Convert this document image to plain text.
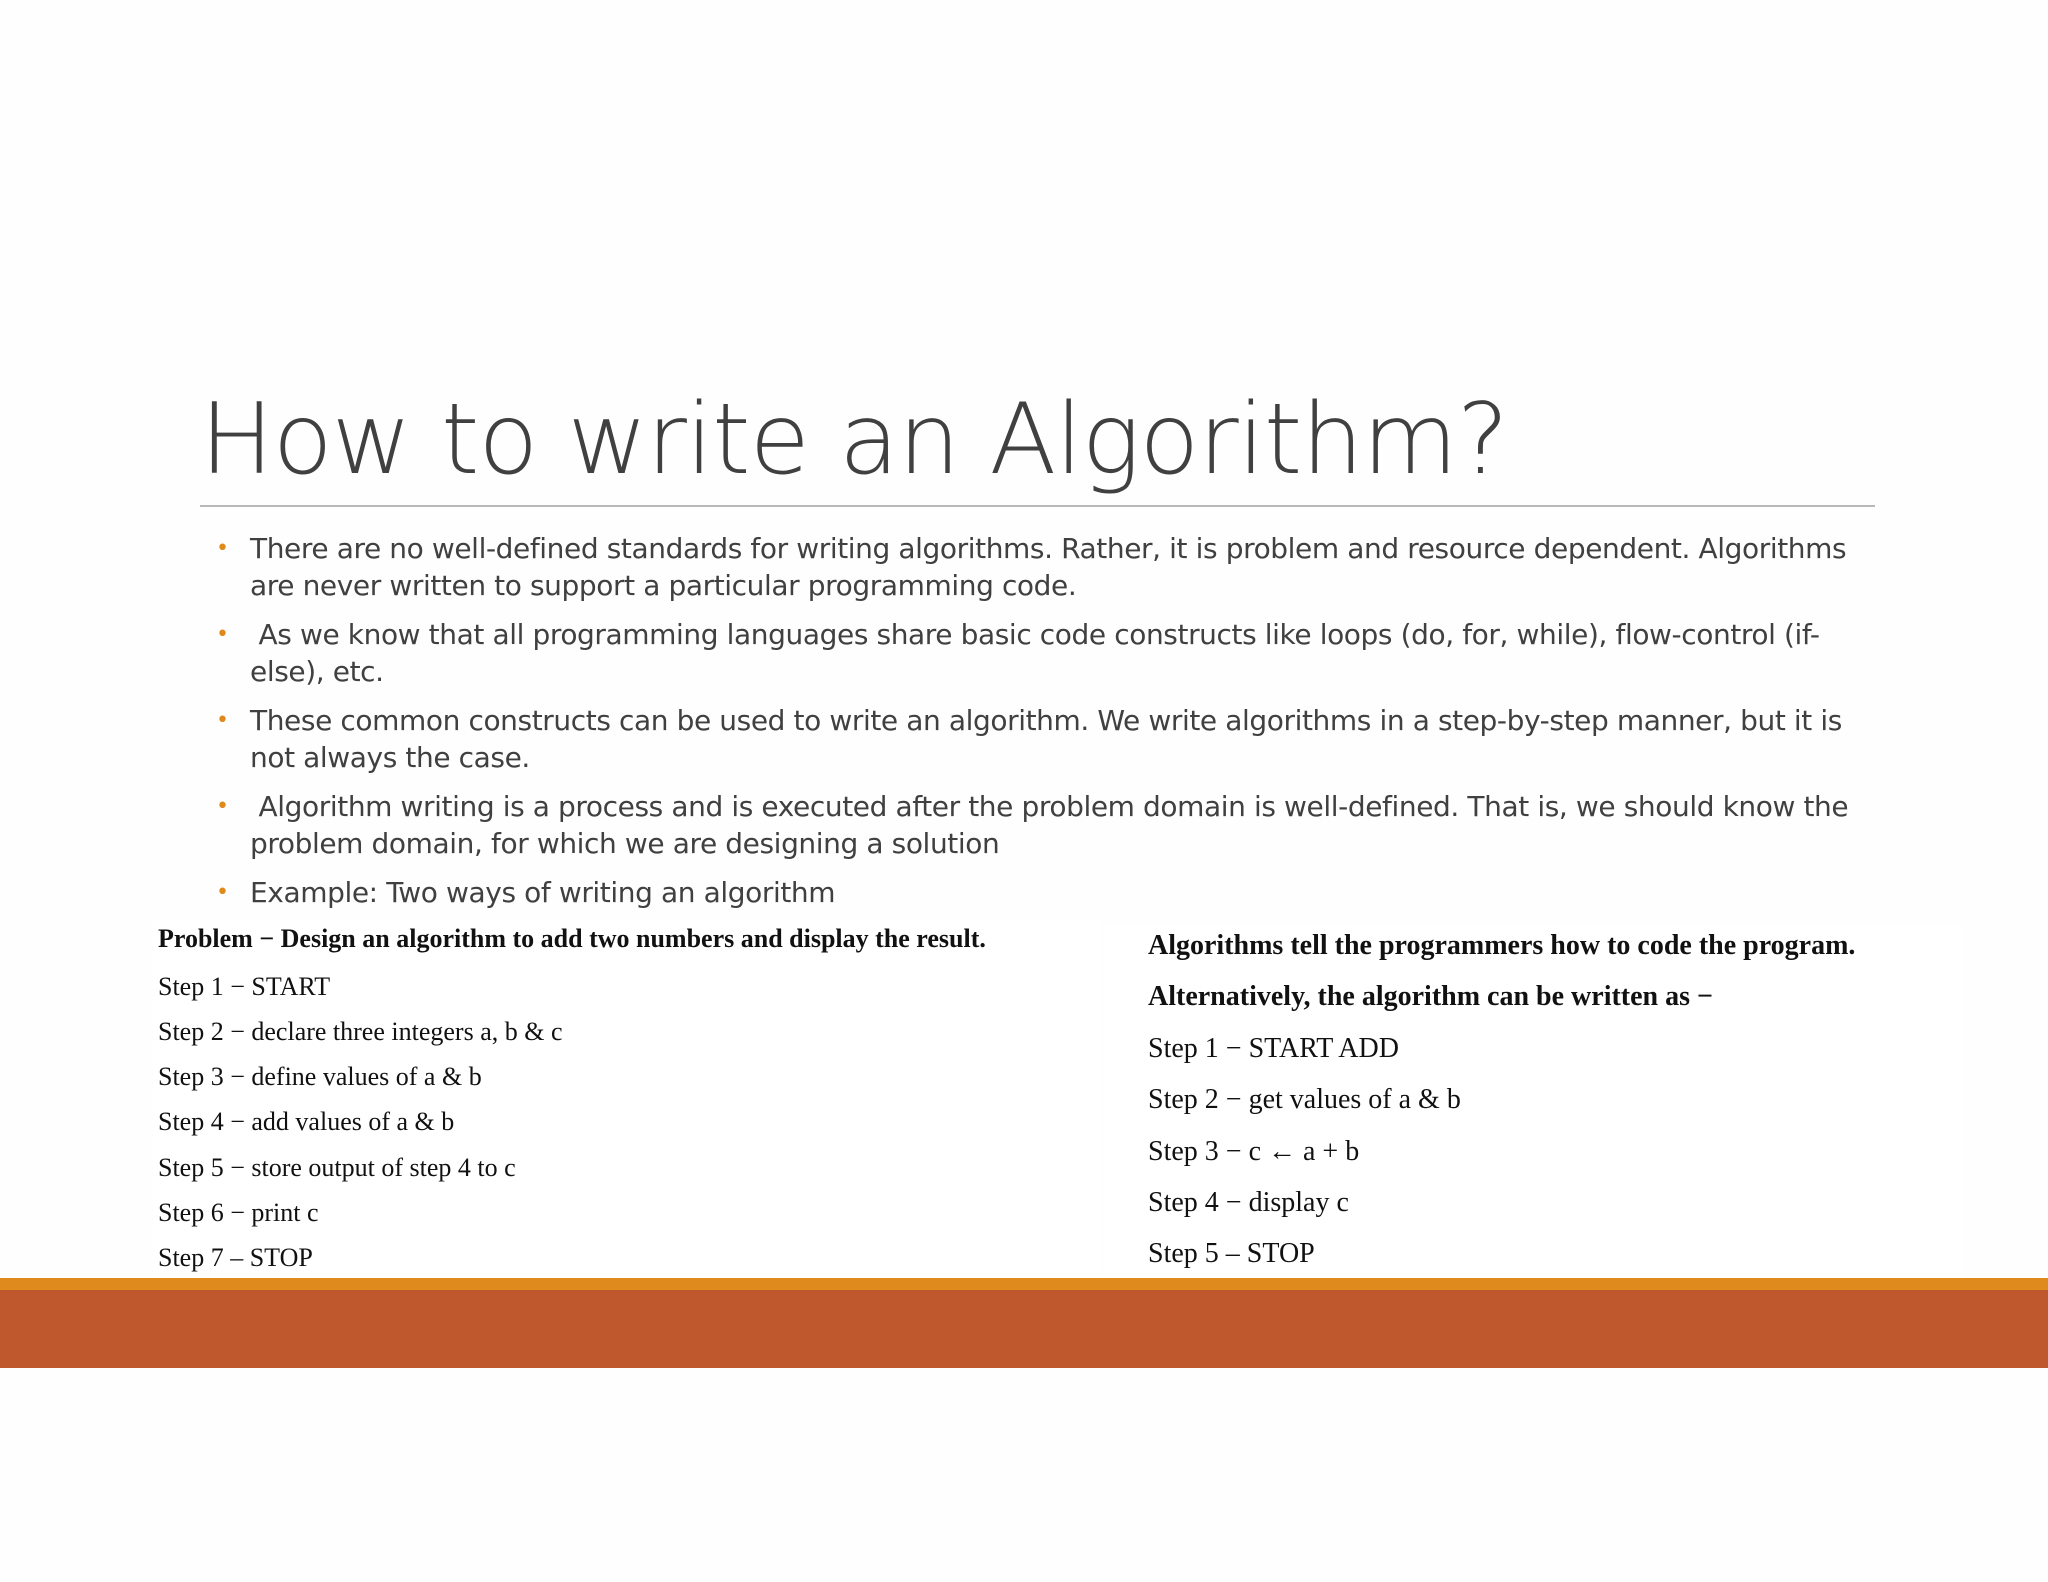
How to write an Algorithm?
• There are no well-defined standards for writing algorithms. Rather, it is problem and resource dependent. Algorithms are never written to support a particular programming code.
• As we know that all programming languages share basic code constructs like loops (do, for, while), flow-control (if-else), etc.
• These common constructs can be used to write an algorithm. We write algorithms in a step-by-step manner, but it is not always the case.
• Algorithm writing is a process and is executed after the problem domain is well-defined. That is, we should know the problem domain, for which we are designing a solution
• Example: Two ways of writing an algorithm
Problem − Design an algorithm to add two numbers and display the result.
Step 1 − START
Step 2 − declare three integers a, b & c
Step 3 − define values of a & b
Step 4 − add values of a & b
Step 5 − store output of step 4 to c
Step 6 − print c
Step 7 – STOP
Algorithms tell the programmers how to code the program.
Alternatively, the algorithm can be written as −
Step 1 − START ADD
Step 2 − get values of a & b
Step 3 − c ← a + b
Step 4 − display c
Step 5 – STOP
